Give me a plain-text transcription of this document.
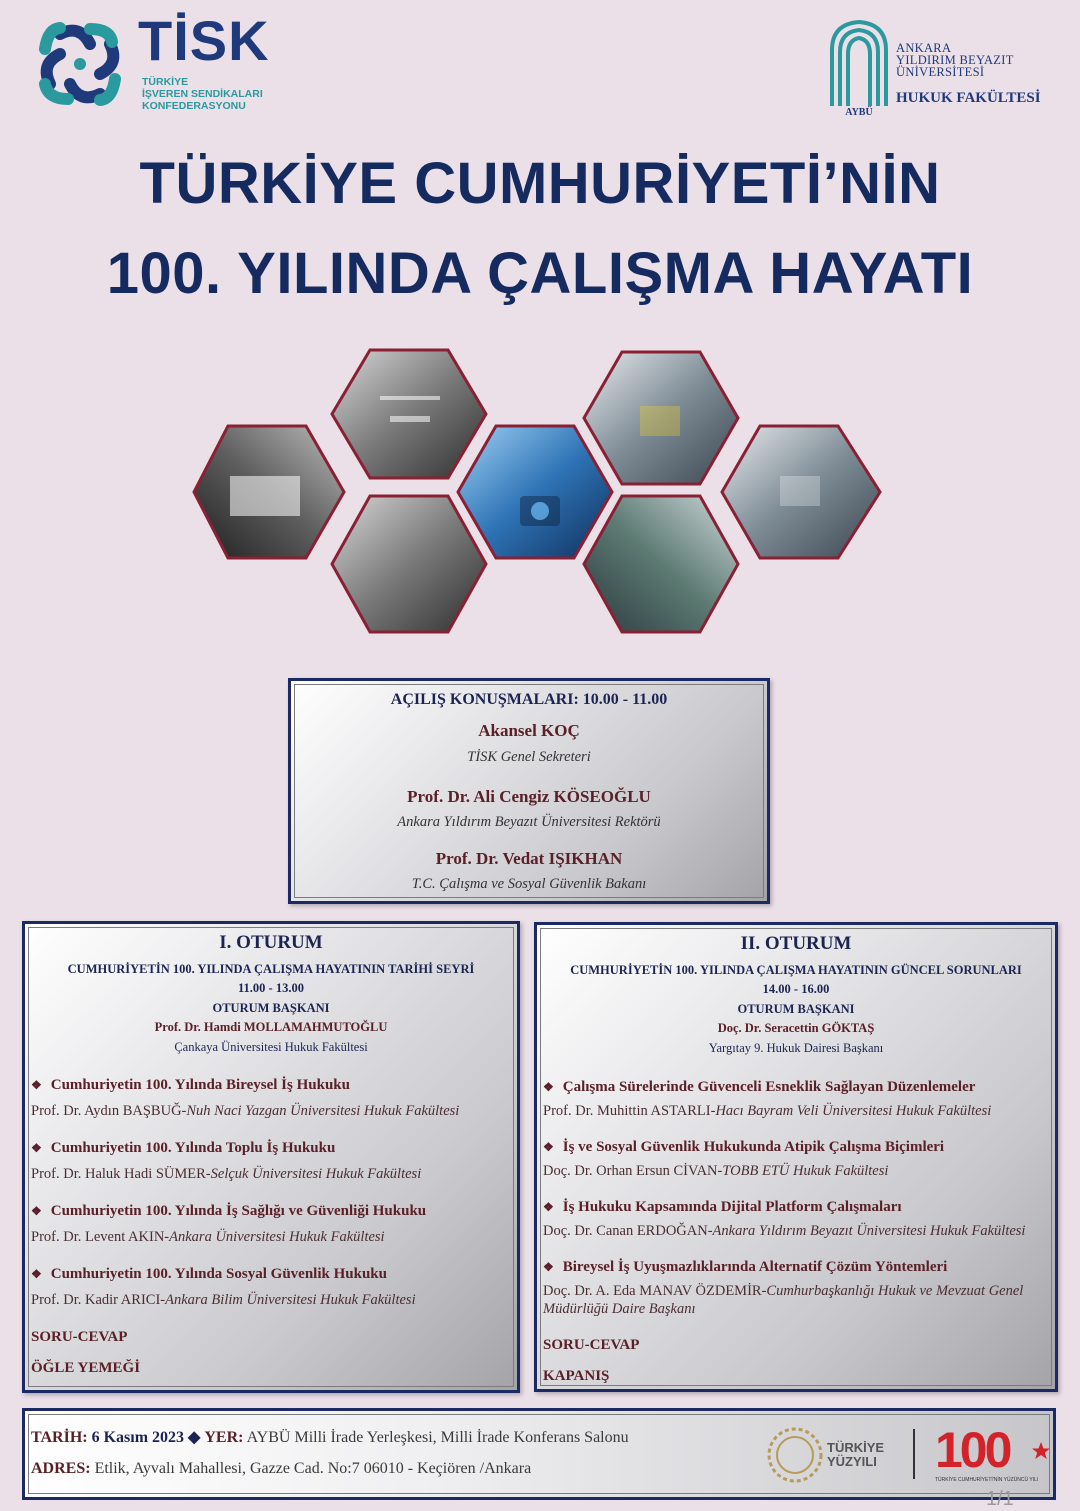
TİSK
TÜRKİYE
İŞVEREN SENDİKALARI
KONFEDERASYONU
AYBÜ
ANKARA
YILDIRIM BEYAZIT
ÜNİVERSİTESİ
HUKUK FAKÜLTESİ
TÜRKİYE CUMHURİYETİ’NİN
100. YILINDA ÇALIŞMA HAYATI
AÇILIŞ KONUŞMALARI: 10.00 - 11.00
Akansel KOÇ
TİSK Genel Sekreteri
Prof. Dr. Ali Cengiz KÖSEOĞLU
Ankara Yıldırım Beyazıt Üniversitesi Rektörü
Prof. Dr. Vedat IŞIKHAN
T.C. Çalışma ve Sosyal Güvenlik Bakanı
I. OTURUM
CUMHURİYETİN 100. YILINDA ÇALIŞMA HAYATININ TARİHİ SEYRİ
11.00 - 13.00
OTURUM BAŞKANI
Prof. Dr. Hamdi MOLLAMAHMUTOĞLU
Çankaya Üniversitesi Hukuk Fakültesi
❖ Cumhuriyetin 100. Yılında Bireysel İş Hukuku
Prof. Dr. Aydın BAŞBUĞ-Nuh Naci Yazgan Üniversitesi Hukuk Fakültesi
❖ Cumhuriyetin 100. Yılında Toplu İş Hukuku
Prof. Dr. Haluk Hadi SÜMER-Selçuk Üniversitesi Hukuk Fakültesi
❖ Cumhuriyetin 100. Yılında İş Sağlığı ve Güvenliği Hukuku
Prof. Dr. Levent AKIN-Ankara Üniversitesi Hukuk Fakültesi
❖ Cumhuriyetin 100. Yılında Sosyal Güvenlik Hukuku
Prof. Dr. Kadir ARICI-Ankara Bilim Üniversitesi Hukuk Fakültesi
SORU-CEVAP
ÖĞLE YEMEĞİ
II. OTURUM
CUMHURİYETİN 100. YILINDA ÇALIŞMA HAYATININ GÜNCEL SORUNLARI
14.00 - 16.00
OTURUM BAŞKANI
Doç. Dr. Seracettin GÖKTAŞ
Yargıtay 9. Hukuk Dairesi Başkanı
❖ Çalışma Sürelerinde Güvenceli Esneklik Sağlayan Düzenlemeler
Prof. Dr. Muhittin ASTARLI-Hacı Bayram Veli Üniversitesi Hukuk Fakültesi
❖ İş ve Sosyal Güvenlik Hukukunda Atipik Çalışma Biçimleri
Doç. Dr. Orhan Ersun CİVAN-TOBB ETÜ Hukuk Fakültesi
❖ İş Hukuku Kapsamında Dijital Platform Çalışmaları
Doç. Dr. Canan ERDOĞAN-Ankara Yıldırım Beyazıt Üniversitesi Hukuk Fakültesi
❖ Bireysel İş Uyuşmazlıklarında Alternatif Çözüm Yöntemleri
Doç. Dr. A. Eda MANAV ÖZDEMİR-Cumhurbaşkanlığı Hukuk ve Mevzuat Genel Müdürlüğü Daire Başkanı
SORU-CEVAP
KAPANIŞ
TARİH: 6 Kasım 2023 ◆ YER: AYBÜ Milli İrade Yerleşkesi, Milli İrade Konferans Salonu
ADRES: Etlik, Ayvalı Mahallesi, Gazze Cad. No:7 06010 - Keçiören /Ankara
TÜRKİYE
YÜZYILI 100
TÜRKİYE CUMHURİYETİ'NİN YÜZÜNCÜ YILI
1/1
